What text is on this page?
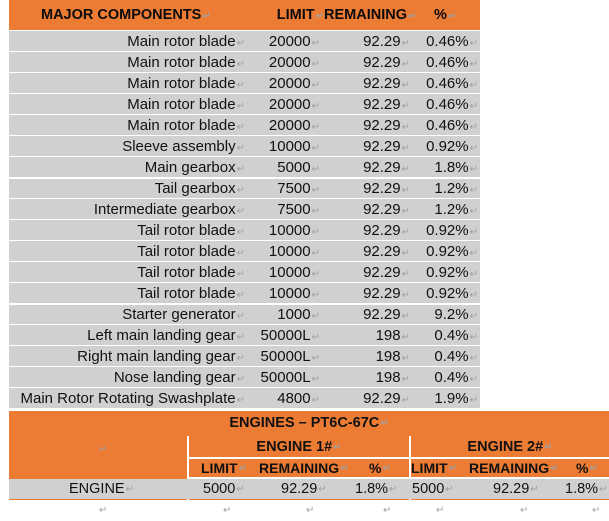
MAJOR COMPONENTS↵	LIMIT↵ REMAINING↵	%↵
Main rotor blade↵	20000↵	92.29↵	0.46%↵
Main rotor blade↵	20000↵	92.29↵	0.46%↵
Main rotor blade↵	20000↵	92.29↵	0.46%↵
Main rotor blade↵	20000↵	92.29↵	0.46%↵
Main rotor blade↵	20000↵	92.29↵	0.46%↵
Sleeve assembly↵	10000↵	92.29↵	0.92%↵
Main gearbox↵	5000↵	92.29↵	1.8%↵
Tail gearbox↵	7500↵	92.29↵	1.2%↵
Intermediate gearbox↵	7500↵	92.29↵	1.2%↵
Tail rotor blade↵	10000↵	92.29↵	0.92%↵
Tail rotor blade↵	10000↵	92.29↵	0.92%↵
Tail rotor blade↵	10000↵	92.29↵	0.92%↵
Tail rotor blade↵	10000↵	92.29↵	0.92%↵
Starter generator↵	1000↵	92.29↵	9.2%↵
Left main landing gear↵	50000L↵	198↵	0.4%↵
Right main landing gear↵	50000L↵	198↵	0.4%↵
Nose landing gear↵	50000L↵	198↵	0.4%↵
Main Rotor Rotating Swashplate↵	4800↵	92.29↵	1.9%↵
ENGINES – PT6C-67C ↵
↵	ENGINE 1# ↵	ENGINE 2# ↵
LIMIT ↵ REMAINING ↵ % ↵ LIMIT ↵ REMAINING ↵ % ↵
ENGINE ↵	5000 ↵	92.29 ↵ 1.8% ↵ 5000 ↵	92.29 ↵ 1.8% ↵
↵	↵	↵	↵	↵	↵	↵
